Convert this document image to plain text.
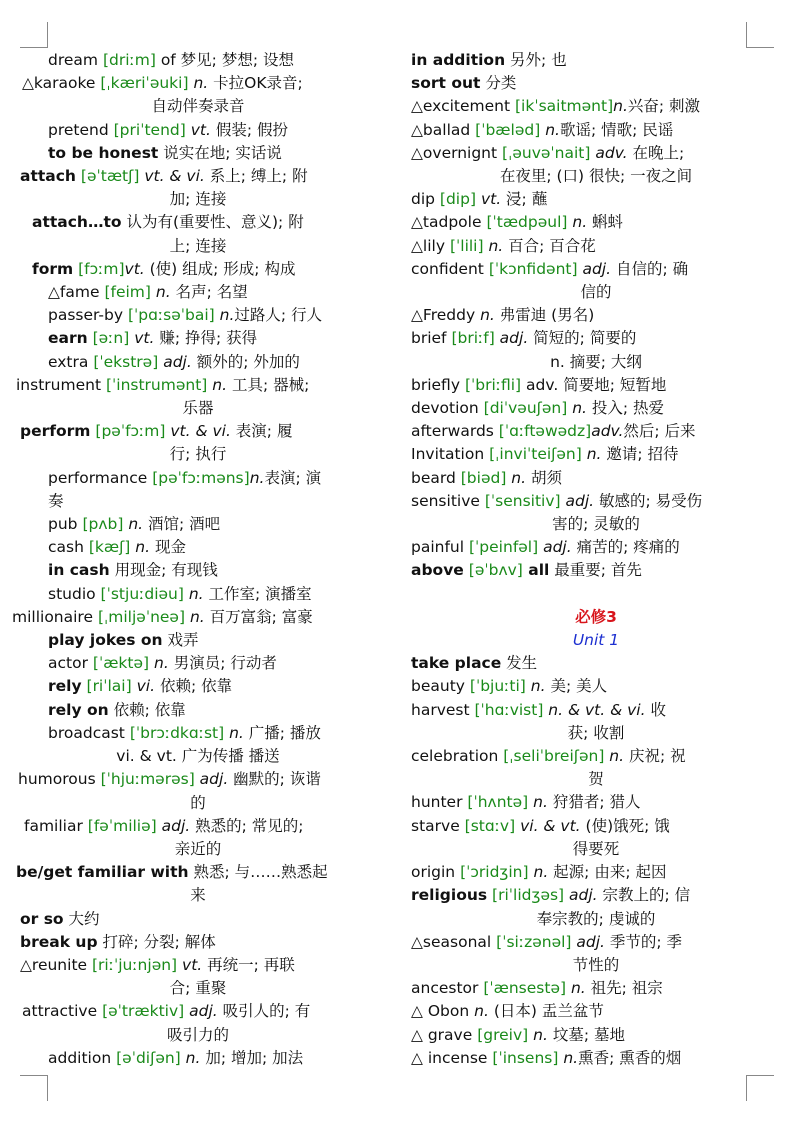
dream [driːm] of 梦见; 梦想; 设想
△karaoke [ˌkæriˈəuki] n. 卡拉OK录音;
自动伴奏录音
pretend [priˈtend] vt. 假装; 假扮
to be honest 说实在地; 实话说
attach [əˈtætʃ] vt. & vi. 系上; 缚上; 附
加; 连接
attach…to 认为有(重要性、意义); 附
上; 连接
form [fɔːm]vt. (使) 组成; 形成; 构成
△fame [feim] n. 名声; 名望
passer-by [ˈpɑːsəˈbai] n.过路人; 行人
earn [əːn] vt. 赚; 挣得; 获得
extra [ˈekstrə] adj. 额外的; 外加的
instrument [ˈinstrumənt] n. 工具; 器械;
乐器
perform [pəˈfɔːm] vt. & vi. 表演; 履
行; 执行
performance [pəˈfɔːməns]n.表演; 演
奏
pub [pʌb] n. 酒馆; 酒吧
cash [kæʃ] n. 现金
in cash 用现金; 有现钱
studio [ˈstjuːdiəu] n. 工作室; 演播室
millionaire [ˌmiljəˈneə] n. 百万富翁; 富豪
play jokes on 戏弄
actor [ˈæktə] n. 男演员; 行动者
rely [riˈlai] vi. 依赖; 依靠
rely on 依赖; 依靠
broadcast [ˈbrɔːdkɑːst] n. 广播; 播放
vi. & vt. 广为传播 播送
humorous [ˈhjuːmərəs] adj. 幽默的; 诙谐
的
familiar [fəˈmiliə] adj. 熟悉的; 常见的;
亲近的
be/get familiar with 熟悉; 与……熟悉起
来
or so 大约
break up 打碎; 分裂; 解体
△reunite [riːˈjuːnjən] vt. 再统一; 再联
合; 重聚
attractive [əˈtræktiv] adj. 吸引人的; 有
吸引力的
addition [əˈdiʃən] n. 加; 增加; 加法
in addition 另外; 也
sort out 分类
△excitement [ikˈsaitmənt]n.兴奋; 刺激
△ballad [ˈbæləd] n.歌谣; 情歌; 民谣
△overnignt [ˌəuvəˈnait] adv. 在晚上;
在夜里; (口) 很快; 一夜之间
dip [dip] vt. 浸; 蘸
△tadpole [ˈtædpəul] n. 蝌蚪
△lily [ˈlili] n. 百合; 百合花
confident [ˈkɔnfidənt] adj. 自信的; 确
信的
△Freddy n. 弗雷迪 (男名)
brief [briːf] adj. 简短的; 简要的
n. 摘要; 大纲
briefly [ˈbriːfli] adv. 简要地; 短暂地
devotion [diˈvəuʃən] n. 投入; 热爱
afterwards [ˈɑːftəwədz]adv.然后; 后来
Invitation [ˌinviˈteiʃən] n. 邀请; 招待
beard [biəd] n. 胡须
sensitive [ˈsensitiv] adj. 敏感的; 易受伤
害的; 灵敏的
painful [ˈpeinfəl] adj. 痛苦的; 疼痛的
above [əˈbʌv] all 最重要; 首先
必修3
Unit 1
take place 发生
beauty [ˈbjuːti] n. 美; 美人
harvest [ˈhɑːvist] n. & vt. & vi. 收
获; 收割
celebration [ˌseliˈbreiʃən] n. 庆祝; 祝
贺
hunter [ˈhʌntə] n. 狩猎者; 猎人
starve [stɑːv] vi. & vt. (使)饿死; 饿
得要死
origin [ˈɔridʒin] n. 起源; 由来; 起因
religious [riˈlidʒəs] adj. 宗教上的; 信
奉宗教的; 虔诚的
△seasonal [ˈsiːzənəl] adj. 季节的; 季
节性的
ancestor [ˈænsestə] n. 祖先; 祖宗
△ Obon n. (日本) 盂兰盆节
△ grave [greiv] n. 坟墓; 墓地
△ incense [ˈinsens] n.熏香; 熏香的烟
